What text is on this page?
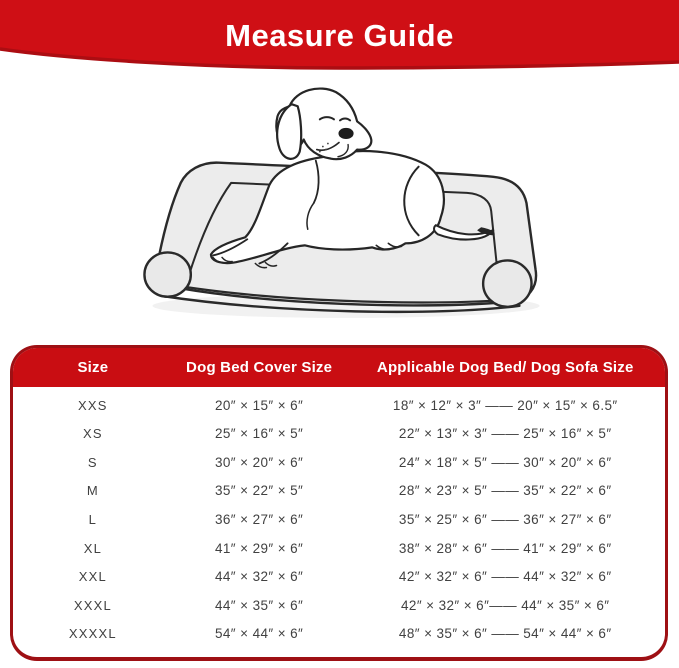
Measure Guide
Size	Dog Bed Cover Size	Applicable Dog Bed/ Dog Sofa Size
XXS	20″ × 15″ × 6″	18″ × 12″ × 3″ —— 20″ × 15″ × 6.5″
XS	25″ × 16″ × 5″	22″ × 13″ × 3″ —— 25″ × 16″ × 5″
S	30″ × 20″ × 6″	24″ × 18″ × 5″ —— 30″ × 20″ × 6″
M	35″ × 22″ × 5″	28″ × 23″ × 5″ —— 35″ × 22″ × 6″
L	36″ × 27″ × 6″	35″ × 25″ × 6″ —— 36″ × 27″ × 6″
XL	41″ × 29″ × 6″	38″ × 28″ × 6″ —— 41″ × 29″ × 6″
XXL	44″ × 32″ × 6″	42″ × 32″ × 6″ —— 44″ × 32″ × 6″
XXXL	44″ × 35″ × 6″	42″ × 32″ × 6″—— 44″ × 35″ × 6″
XXXXL	54″ × 44″ × 6″	48″ × 35″ × 6″ —— 54″ × 44″ × 6″
